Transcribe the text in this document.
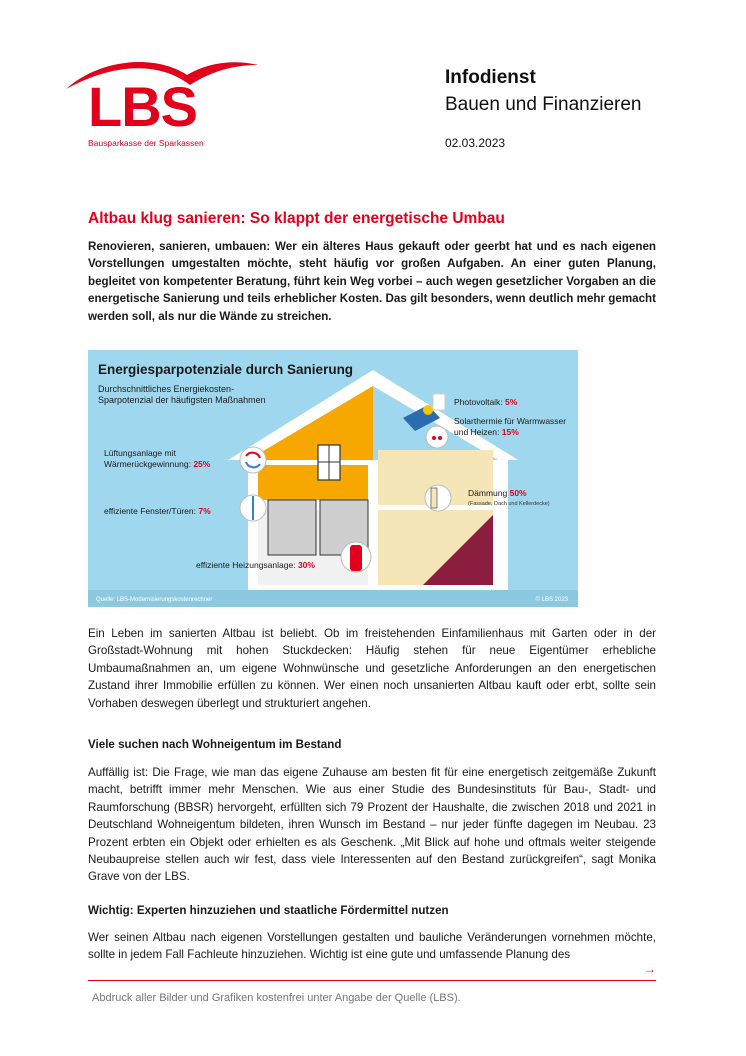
LBS
Bausparkasse der Sparkassen
Infodienst
Bauen und Finanzieren
02.03.2023
Altbau klug sanieren: So klappt der energetische Umbau
Renovieren, sanieren, umbauen: Wer ein älteres Haus gekauft oder geerbt hat und es nach eigenen Vorstellungen umgestalten möchte, steht häufig vor großen Aufgaben. An einer guten Planung, begleitet von kompetenter Beratung, führt kein Weg vorbei – auch wegen gesetzlicher Vorgaben an die energetische Sanierung und teils erheblicher Kosten. Das gilt besonders, wenn deutlich mehr gemacht werden soll, als nur die Wände zu streichen.
Energiesparpotenziale durch Sanierung
Durchschnittliches Energiekosten-Sparpotenzial der häufigsten Maßnahmen	Photovoltaik: 5%
Solarthermie für Warmwasser und Heizen: 15%
Lüftungsanlage mit Wärmerückgewinnung: 25%
Dämmung 50%
(Fassade, Dach und Kellerdecke)
effiziente Fenster/Türen: 7%
effiziente Heizungsanlage: 30%
Quelle: LBS-Modernisierungskostenrechner	© LBS 2023
Ein Leben im sanierten Altbau ist beliebt. Ob im freistehenden Einfamilienhaus mit Garten oder in der Großstadt-Wohnung mit hohen Stuckdecken: Häufig stehen für neue Eigentümer erhebliche Umbaumaßnahmen an, um eigene Wohnwünsche und gesetzliche Anforderungen an den energetischen Zustand ihrer Immobilie erfüllen zu können. Wer einen noch unsanierten Altbau kauft oder erbt, sollte sein Vorhaben deswegen überlegt und strukturiert angehen.
Viele suchen nach Wohneigentum im Bestand
Auffällig ist: Die Frage, wie man das eigene Zuhause am besten fit für eine energetisch zeitgemäße Zukunft macht, betrifft immer mehr Menschen. Wie aus einer Studie des Bundesinstituts für Bau-, Stadt- und Raumforschung (BBSR) hervorgeht, erfüllten sich 79 Prozent der Haushalte, die zwischen 2018 und 2021 in Deutschland Wohneigentum bildeten, ihren Wunsch im Bestand – nur jeder fünfte dagegen im Neubau. 23 Prozent erbten ein Objekt oder erhielten es als Geschenk. „Mit Blick auf hohe und oftmals weiter steigende Neubaupreise stellen auch wir fest, dass viele Interessenten auf den Bestand zurückgreifen“, sagt Monika Grave von der LBS.
Wichtig: Experten hinzuziehen und staatliche Fördermittel nutzen
Wer seinen Altbau nach eigenen Vorstellungen gestalten und bauliche Veränderungen vornehmen möchte, sollte in jedem Fall Fachleute hinzuziehen. Wichtig ist eine gute und umfassende Planung des
→
Abdruck aller Bilder und Grafiken kostenfrei unter Angabe der Quelle (LBS).
